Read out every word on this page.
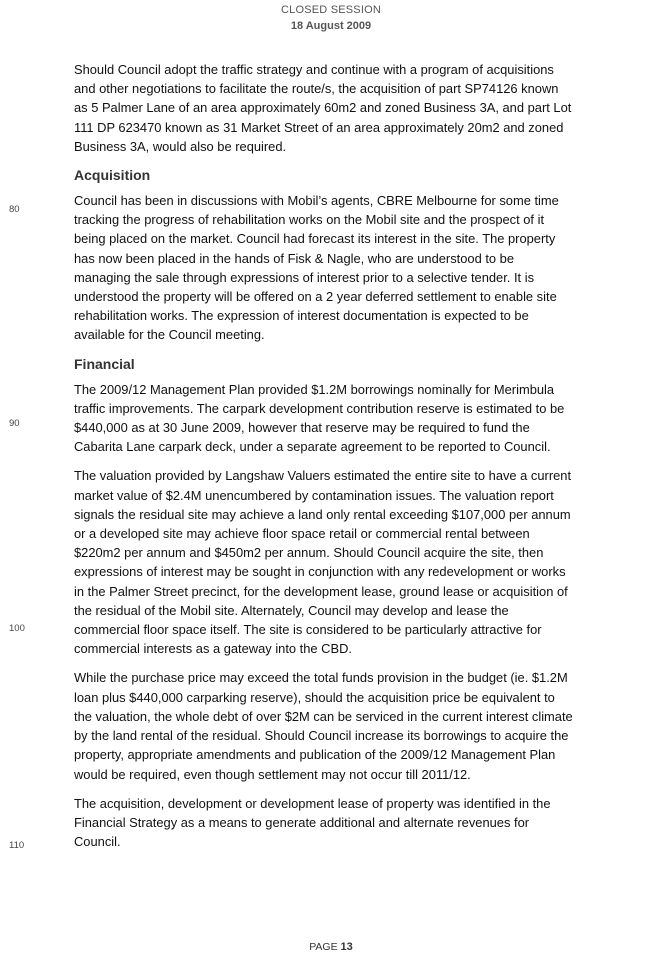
CLOSED SESSION
18 August 2009
80
90
100
110

Should Council adopt the traffic strategy and continue with a program of acquisitions and other negotiations to facilitate the route/s, the acquisition of part SP74126 known as 5 Palmer Lane of an area approximately 60m2 and zoned Business 3A, and part Lot 111 DP 623470 known as 31 Market Street of an area approximately 20m2 and zoned Business 3A, would also be required.

Acquisition

Council has been in discussions with Mobil’s agents, CBRE Melbourne for some time tracking the progress of rehabilitation works on the Mobil site and the prospect of it being placed on the market. Council had forecast its interest in the site. The property has now been placed in the hands of Fisk & Nagle, who are understood to be managing the sale through expressions of interest prior to a selective tender. It is understood the property will be offered on a 2 year deferred settlement to enable site rehabilitation works. The expression of interest documentation is expected to be available for the Council meeting.

Financial

The 2009/12 Management Plan provided $1.2M borrowings nominally for Merimbula traffic improvements. The carpark development contribution reserve is estimated to be $440,000 as at 30 June 2009, however that reserve may be required to fund the Cabarita Lane carpark deck, under a separate agreement to be reported to Council.

The valuation provided by Langshaw Valuers estimated the entire site to have a current market value of $2.4M unencumbered by contamination issues. The valuation report signals the residual site may achieve a land only rental exceeding $107,000 per annum or a developed site may achieve floor space retail or commercial rental between $220m2 per annum and $450m2 per annum. Should Council acquire the site, then expressions of interest may be sought in conjunction with any redevelopment or works in the Palmer Street precinct, for the development lease, ground lease or acquisition of the residual of the Mobil site. Alternately, Council may develop and lease the commercial floor space itself. The site is considered to be particularly attractive for commercial interests as a gateway into the CBD.

While the purchase price may exceed the total funds provision in the budget (ie. $1.2M loan plus $440,000 carparking reserve), should the acquisition price be equivalent to the valuation, the whole debt of over $2M can be serviced in the current interest climate by the land rental of the residual. Should Council increase its borrowings to acquire the property, appropriate amendments and publication of the 2009/12 Management Plan would be required, even though settlement may not occur till 2011/12.

The acquisition, development or development lease of property was identified in the Financial Strategy as a means to generate additional and alternate revenues for Council.

PAGE 13
